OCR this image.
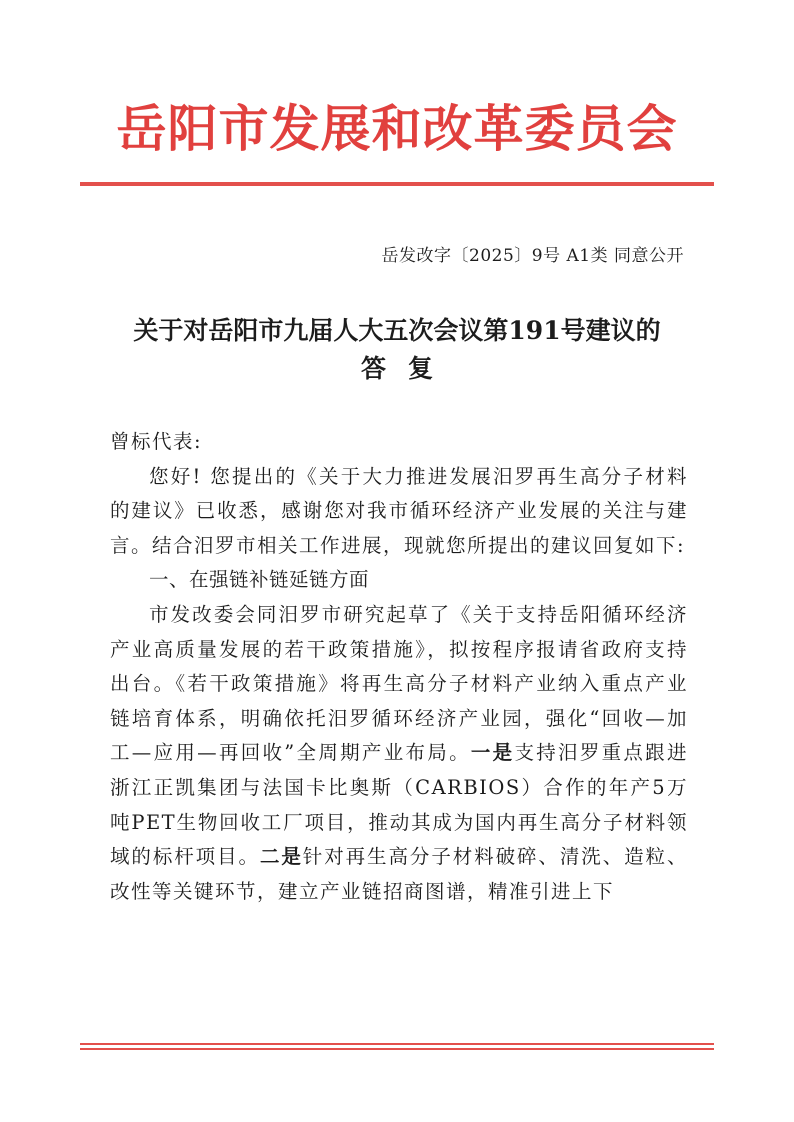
岳阳市发展和改革委员会
岳发改字〔2025〕9号 A1类 同意公开
关于对岳阳市九届人大五次会议第191号建议的
答复

曾标代表:

您好! 您提出的《关于大力推进发展汨罗再生高分子材料的建议》已收悉，感谢您对我市循环经济产业发展的关注与建言。结合汨罗市相关工作进展，现就您所提出的建议回复如下:

一、在强链补链延链方面

市发改委会同汨罗市研究起草了《关于支持岳阳循环经济产业高质量发展的若干政策措施》，拟按程序报请省政府支持出台。《若干政策措施》将再生高分子材料产业纳入重点产业链培育体系，明确依托汨罗循环经济产业园，强化“回收—加工—应用—再回收”全周期产业布局。一是支持汨罗重点跟进浙江正凯集团与法国卡比奥斯（CARBIOS）合作的年产5万吨PET生物回收工厂项目，推动其成为国内再生高分子材料领域的标杆项目。二是针对再生高分子材料破碎、清洗、造粒、改性等关键环节，建立产业链招商图谱，精准引进上下
